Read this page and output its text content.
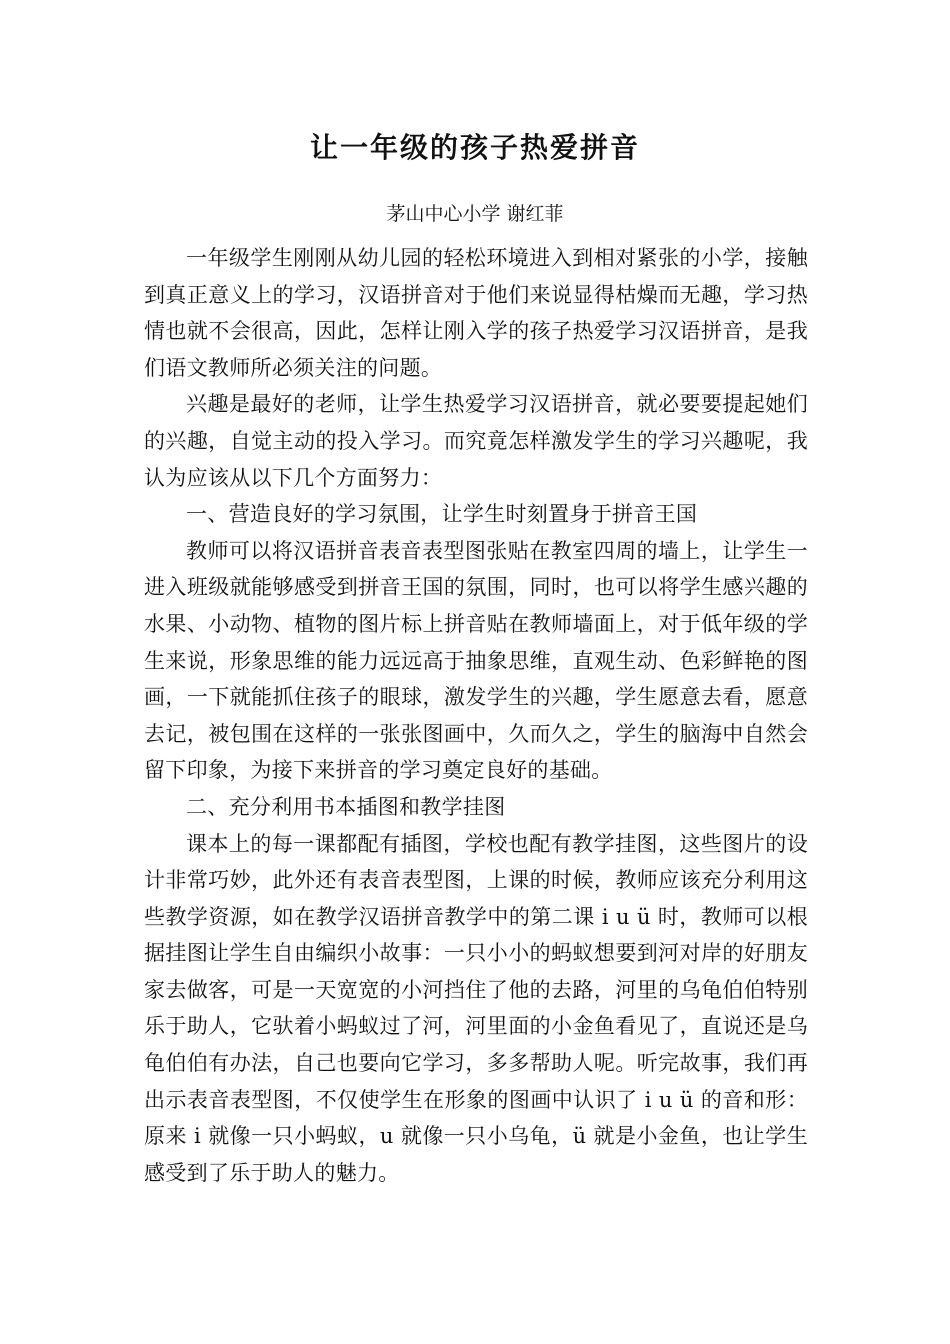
让一年级的孩子热爱拼音

茅山中心小学 谢红菲

一年级学生刚刚从幼儿园的轻松环境进入到相对紧张的小学，接触到真正意义上的学习，汉语拼音对于他们来说显得枯燥而无趣，学习热情也就不会很高，因此，怎样让刚入学的孩子热爱学习汉语拼音，是我们语文教师所必须关注的问题。

兴趣是最好的老师，让学生热爱学习汉语拼音，就必要要提起她们的兴趣，自觉主动的投入学习。而究竟怎样激发学生的学习兴趣呢，我认为应该从以下几个方面努力：

一、营造良好的学习氛围，让学生时刻置身于拼音王国

教师可以将汉语拼音表音表型图张贴在教室四周的墙上，让学生一进入班级就能够感受到拼音王国的氛围，同时，也可以将学生感兴趣的水果、小动物、植物的图片标上拼音贴在教师墙面上，对于低年级的学生来说，形象思维的能力远远高于抽象思维，直观生动、色彩鲜艳的图画，一下就能抓住孩子的眼球，激发学生的兴趣，学生愿意去看，愿意去记，被包围在这样的一张张图画中，久而久之，学生的脑海中自然会留下印象，为接下来拼音的学习奠定良好的基础。

二、充分利用书本插图和教学挂图

课本上的每一课都配有插图，学校也配有教学挂图，这些图片的设计非常巧妙，此外还有表音表型图，上课的时候，教师应该充分利用这些教学资源，如在教学汉语拼音教学中的第二课 i u ü 时，教师可以根据挂图让学生自由编织小故事：一只小小的蚂蚁想要到河对岸的好朋友家去做客，可是一天宽宽的小河挡住了他的去路，河里的乌龟伯伯特别乐于助人，它驮着小蚂蚁过了河，河里面的小金鱼看见了，直说还是乌龟伯伯有办法，自己也要向它学习，多多帮助人呢。听完故事，我们再出示表音表型图，不仅使学生在形象的图画中认识了 i u ü 的音和形：原来 i 就像一只小蚂蚁，u 就像一只小乌龟，ü 就是小金鱼，也让学生感受到了乐于助人的魅力。
